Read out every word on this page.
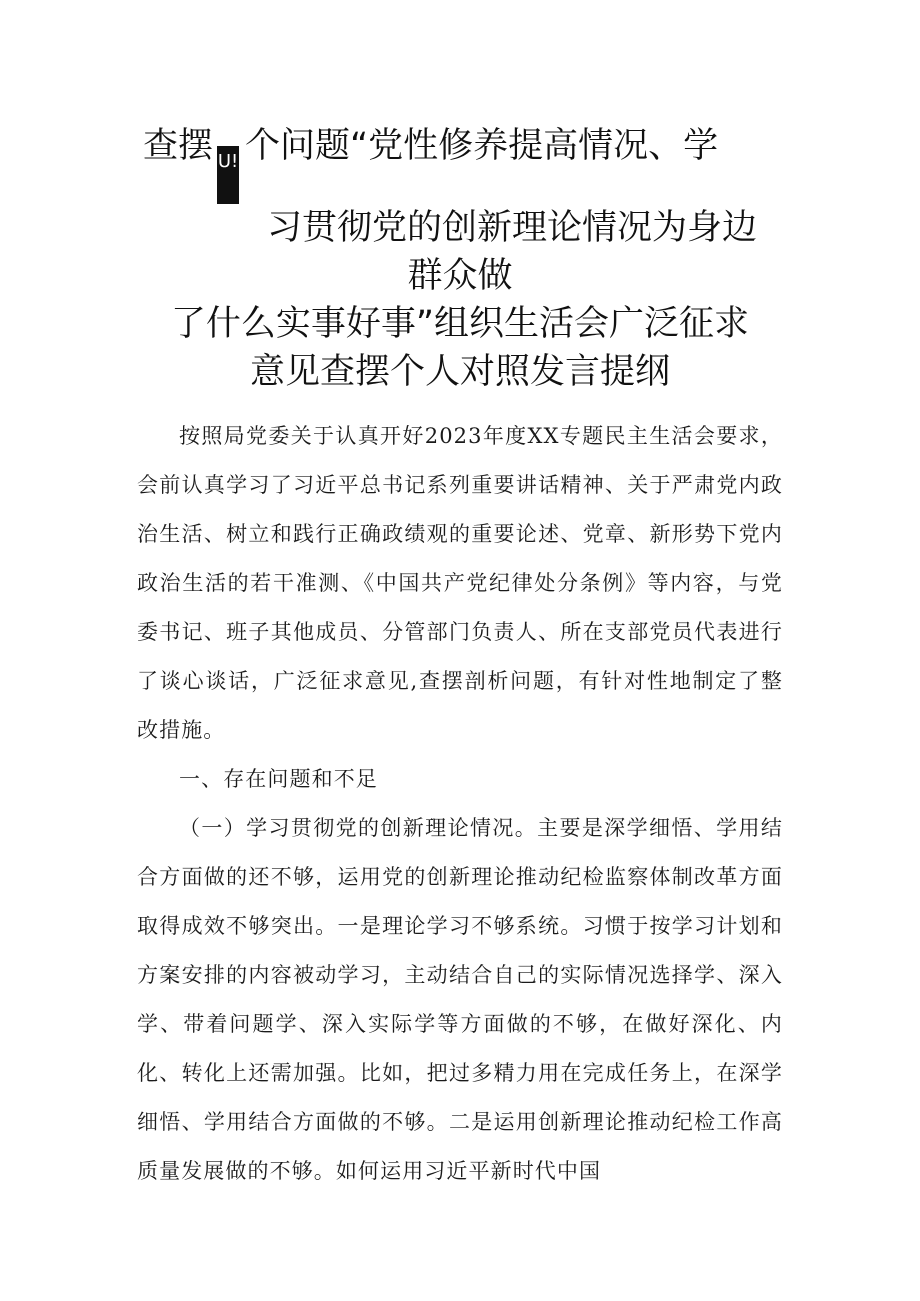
查摆 U! 个问题“党性修养提高情况、学
习贯彻党的创新理论情况为身边
群众做
了什么实事好事”组织生活会广泛征求
意见查摆个人对照发言提纲

按照局党委关于认真开好2023年度XX专题民主生活会要求，会前认真学习了习近平总书记系列重要讲话精神、关于严肃党内政治生活、树立和践行正确政绩观的重要论述、党章、新形势下党内政治生活的若干准测、《中国共产党纪律处分条例》等内容，与党委书记、班子其他成员、分管部门负责人、所在支部党员代表进行了谈心谈话，广泛征求意见,查摆剖析问题，有针对性地制定了整改措施。

一、存在问题和不足

（一）学习贯彻党的创新理论情况。主要是深学细悟、学用结合方面做的还不够，运用党的创新理论推动纪检监察体制改革方面取得成效不够突出。一是理论学习不够系统。习惯于按学习计划和方案安排的内容被动学习，主动结合自己的实际情况选择学、深入学、带着问题学、深入实际学等方面做的不够，在做好深化、内化、转化上还需加强。比如，把过多精力用在完成任务上，在深学细悟、学用结合方面做的不够。二是运用创新理论推动纪检工作高质量发展做的不够。如何运用习近平新时代中国
